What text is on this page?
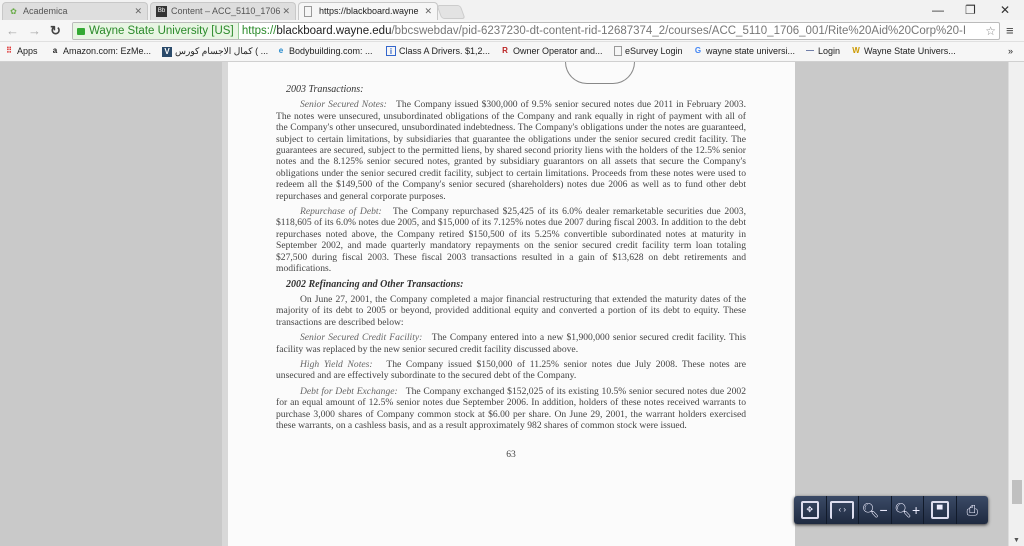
✿ Academica	✕	Bb Content – ACC_5110_1706 ✕	https://blackboard.wayne ✕	— ❐ ✕
← → ↻	Wayne State University [US] https://blackboard.wayne.edu/bbcswebdav/pid-6237230-dt-content-rid-12687374_2/courses/ACC_5110_1706_001/Rite%20Aid%20Corp%20-I ☆ ≡
⠿ Apps	a Amazon.com: EzMe... V كمال الاجسام كورس ( ...	e Bodybuilding.com: ...	i Class A Drivers. $1,2... R Owner Operator and... eSurvey Login G wayne state universi... — Login W Wayne State Univers...	»
2003 Transactions:

Senior Secured Notes: The Company issued $300,000 of 9.5% senior secured notes due 2011 in February 2003. The notes were unsecured, unsubordinated obligations of the Company and rank equally in right of payment with all of the Company's other unsecured, unsubordinated indebtedness. The Company's obligations under the notes are guaranteed, subject to certain limitations, by subsidiaries that guarantee the obligations under the senior secured credit facility. The guarantees are secured, subject to the permitted liens, by shared second priority liens with the holders of the 12.5% senior notes and the 8.125% senior secured notes, granted by subsidiary guarantors on all assets that secure the Company's obligations under the senior secured credit facility, subject to certain limitations. Proceeds from these notes were used to redeem all the $149,500 of the Company's senior secured (shareholders) notes due 2006 as well as to fund other debt repurchases and general corporate purposes.

Repurchase of Debt: The Company repurchased $25,425 of its 6.0% dealer remarketable securities due 2003, $118,605 of its 6.0% notes due 2005, and $15,000 of its 7.125% notes due 2007 during fiscal 2003. In addition to the debt repurchases noted above, the Company retired $150,500 of its 5.25% convertible subordinated notes at maturity in September 2002, and made quarterly mandatory repayments on the senior secured credit facility term loan totaling $27,500 during fiscal 2003. These fiscal 2003 transactions resulted in a gain of $13,628 on debt retirements and modifications.

2002 Refinancing and Other Transactions:

On June 27, 2001, the Company completed a major financial restructuring that extended the maturity dates of the majority of its debt to 2005 or beyond, provided additional equity and converted a portion of its debt to equity. These transactions are described below:

Senior Secured Credit Facility: The Company entered into a new $1,900,000 senior secured credit facility. This facility was replaced by the new senior secured credit facility discussed above.

High Yield Notes: The Company issued $150,000 of 11.25% senior notes due July 2008. These notes are unsecured and are effectively subordinate to the secured debt of the Company.

Debt for Debt Exchange: The Company exchanged $152,025 of its existing 10.5% senior secured notes due 2002 for an equal amount of 12.5% senior notes due September 2006. In addition, holders of these notes received warrants to purchase 3,000 shares of Company common stock at $6.00 per share. On June 29, 2001, the warrant holders exercised these warrants, on a cashless basis, and as a result approximately 982 shares of common stock were issued.

63
▼
✥	‹ ›	🔍︎− 🔍︎+	▀	⎙
